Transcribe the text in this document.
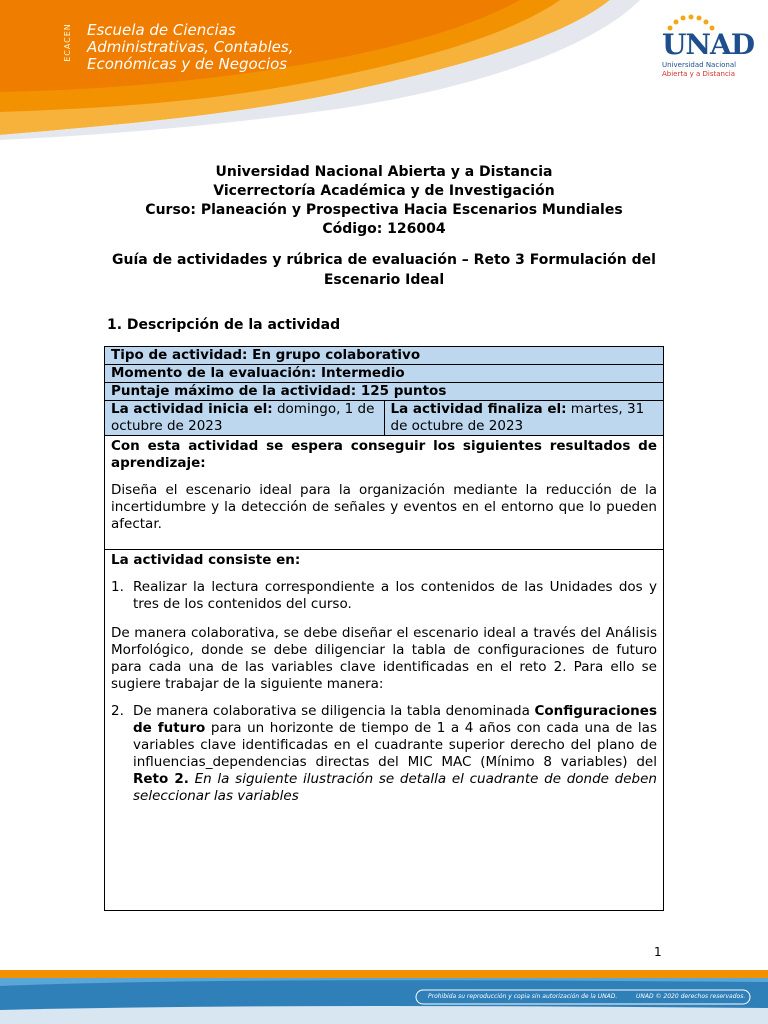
ECACEN Escuela de Ciencias
Administrativas, Contables,
Económicas y de Negocios
UNAD
Universidad Nacional
Abierta y a Distancia
Universidad Nacional Abierta y a Distancia
Vicerrectoría Académica y de Investigación
Curso: Planeación y Prospectiva Hacia Escenarios Mundiales
Código: 126004
Guía de actividades y rúbrica de evaluación – Reto 3 Formulación del Escenario Ideal
1. Descripción de la actividad
Tipo de actividad: En grupo colaborativo
Momento de la evaluación: Intermedio
Puntaje máximo de la actividad: 125 puntos
La actividad inicia el: domingo, 1 de octubre de 2023
La actividad finaliza el: martes, 31 de octubre de 2023

Con esta actividad se espera conseguir los siguientes resultados de aprendizaje:

Diseña el escenario ideal para la organización mediante la reducción de la incertidumbre y la detección de señales y eventos en el entorno que lo pueden afectar.

La actividad consiste en:

1. Realizar la lectura correspondiente a los contenidos de las Unidades dos y tres de los contenidos del curso.

De manera colaborativa, se debe diseñar el escenario ideal a través del Análisis Morfológico, donde se debe diligenciar la tabla de configuraciones de futuro para cada una de las variables clave identificadas en el reto 2. Para ello se sugiere trabajar de la siguiente manera:

2. De manera colaborativa se diligencia la tabla denominada Configuraciones de futuro para un horizonte de tiempo de 1 a 4 años con cada una de las variables clave identificadas en el cuadrante superior derecho del plano de influencias_dependencias directas del MIC MAC (Mínimo 8 variables) del Reto 2. En la siguiente ilustración se detalla el cuadrante de donde deben seleccionar las variables
1
Prohibida su reproducción y copia sin autorización de la UNAD.	UNAD © 2020 derechos reservados.
